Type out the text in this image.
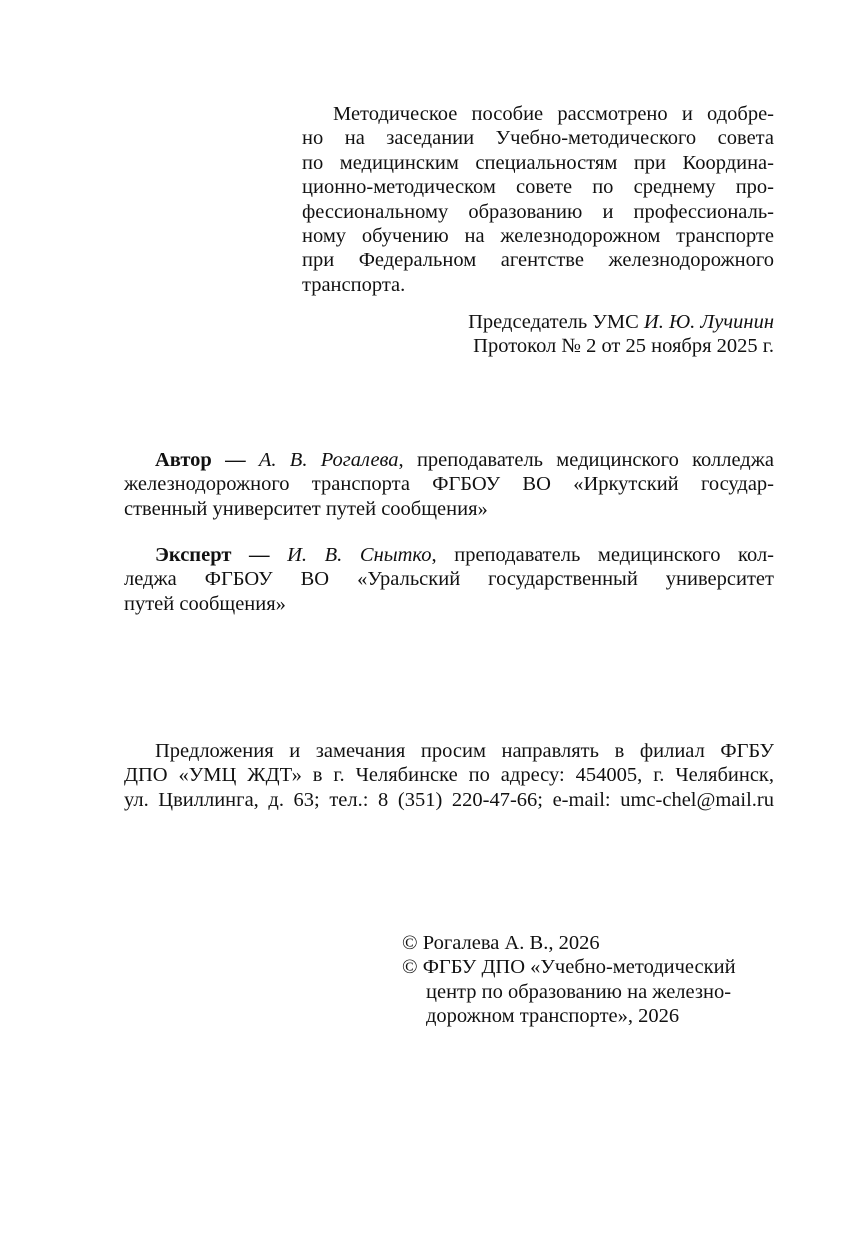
Методическое пособие рассмотрено и одобре-
но на заседании Учебно-методического совета
по медицинским специальностям при Координа-
ционно-методическом совете по среднему про-
фессиональному образованию и профессиональ-
ному обучению на железнодорожном транспорте
при Федеральном агентстве железнодорожного
транспорта.
Председатель УМС И. Ю. Лучинин
Протокол № 2 от 25 ноября 2025 г.
Автор — А. В. Рогалева, преподаватель медицинского колледжа
железнодорожного транспорта ФГБОУ ВО «Иркутский государ-
ственный университет путей сообщения»
Эксперт — И. В. Снытко, преподаватель медицинского кол-
леджа ФГБОУ ВО «Уральский государственный университет
путей сообщения»
Предложения и замечания просим направлять в филиал ФГБУ
ДПО «УМЦ ЖДТ» в г. Челябинске по адресу: 454005, г. Челябинск,
ул. Цвиллинга, д. 63; тел.: 8 (351) 220-47-66; e-mail: umc-chel@mail.ru
© Рогалева А. В., 2026
© ФГБУ ДПО «Учебно-методический
центр по образованию на железно-
дорожном транспорте», 2026
